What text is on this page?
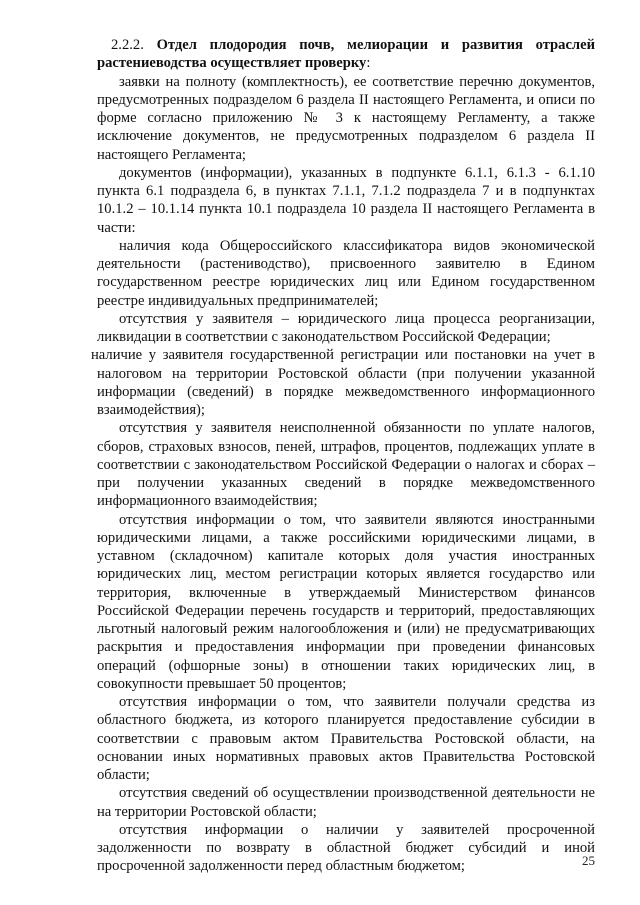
2.2.2. Отдел плодородия почв, мелиорации и развития отраслей растениеводства осуществляет проверку:

заявки на полноту (комплектность), ее соответствие перечню документов, предусмотренных подразделом 6 раздела II настоящего Регламента, и описи по форме согласно приложению № 3 к настоящему Регламенту, а также исключение документов, не предусмотренных подразделом 6 раздела II настоящего Регламента;

документов (информации), указанных в подпункте 6.1.1, 6.1.3 - 6.1.10 пункта 6.1 подраздела 6, в пунктах 7.1.1, 7.1.2 подраздела 7 и в подпунктах 10.1.2 – 10.1.14 пункта 10.1 подраздела 10 раздела II настоящего Регламента в части:

наличия кода Общероссийского классификатора видов экономической деятельности (растениводство), присвоенного заявителю в Едином государственном реестре юридических лиц или Едином государственном реестре индивидуальных предпринимателей;

отсутствия у заявителя – юридического лица процесса реорганизации, ликвидации в соответствии с законодательством Российской Федерации;

наличие у заявителя государственной регистрации или постановки на учет в налоговом на территории Ростовской области (при получении указанной информации (сведений) в порядке межведомственного информационного взаимодействия);

отсутствия у заявителя неисполненной обязанности по уплате налогов, сборов, страховых взносов, пеней, штрафов, процентов, подлежащих уплате в соответствии с законодательством Российской Федерации о налогах и сборах – при получении указанных сведений в порядке межведомственного информационного взаимодействия;

отсутствия информации о том, что заявители являются иностранными юридическими лицами, а также российскими юридическими лицами, в уставном (складочном) капитале которых доля участия иностранных юридических лиц, местом регистрации которых является государство или территория, включенные в утверждаемый Министерством финансов Российской Федерации перечень государств и территорий, предоставляющих льготный налоговый режим налогообложения и (или) не предусматривающих раскрытия и предоставления информации при проведении финансовых операций (офшорные зоны) в отношении таких юридических лиц, в совокупности превышает 50 процентов;

отсутствия информации о том, что заявители получали средства из областного бюджета, из которого планируется предоставление субсидии в соответствии с правовым актом Правительства Ростовской области, на основании иных нормативных правовых актов Правительства Ростовской области;

отсутствия сведений об осуществлении производственной деятельности не на территории Ростовской области;

отсутствия информации о наличии у заявителей просроченной задолженности по возврату в областной бюджет субсидий и иной просроченной задолженности перед областным бюджетом;	25
